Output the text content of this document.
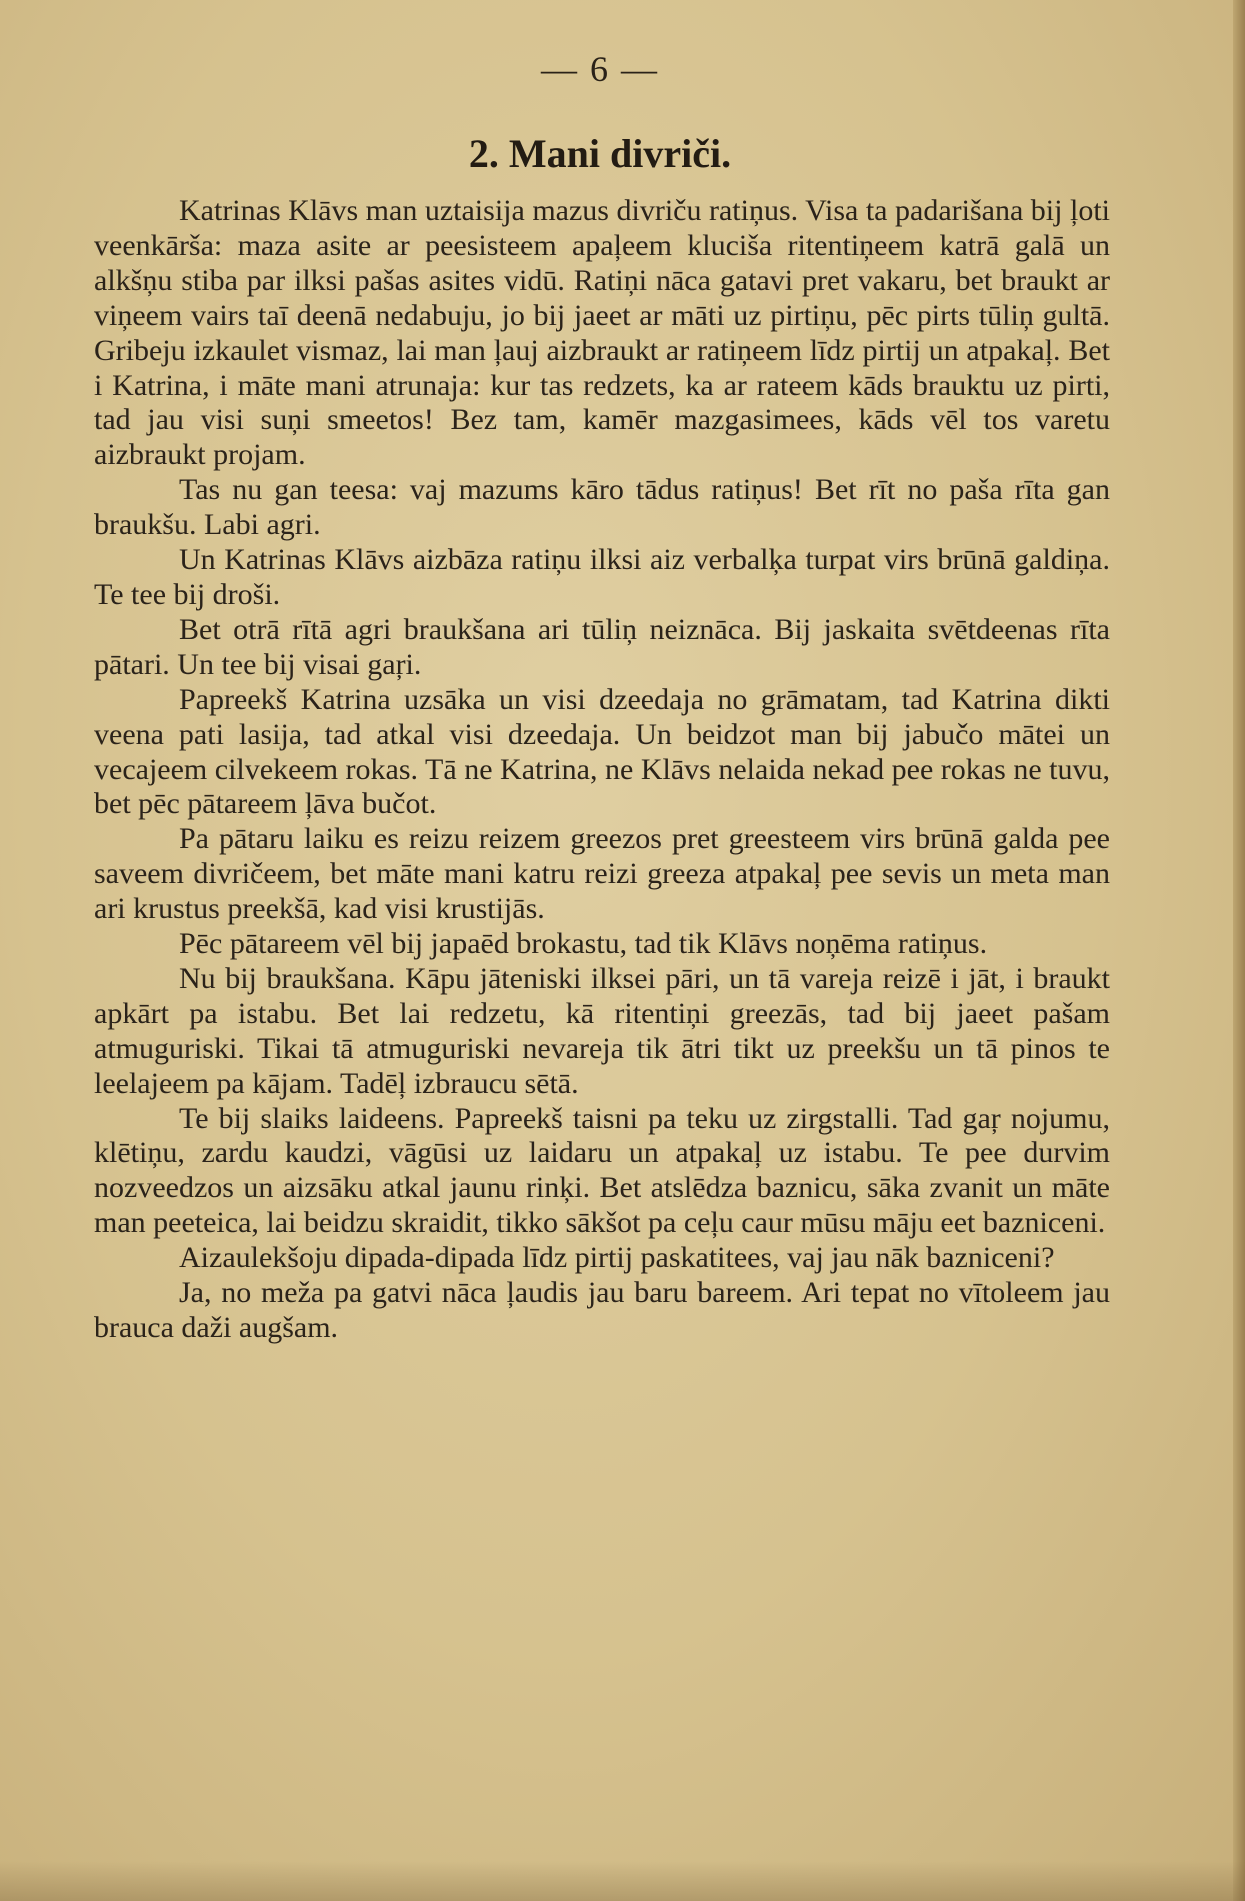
— 6 —
2. Mani divriči.

Katrinas Klāvs man uztaisija mazus divriču ratiņus. Visa ta padarišana bij ļoti veenkārša: maza asite ar peesisteem apaļeem kluciša ritentiņeem katrā galā un alkšņu stiba par ilksi pašas asites vidū. Ratiņi nāca gatavi pret vakaru, bet braukt ar viņeem vairs taī deenā nedabuju, jo bij jaeet ar māti uz pirtiņu, pēc pirts tūliņ gultā. Gribeju izkaulet vismaz, lai man ļauj aizbraukt ar ratiņeem līdz pirtij un atpakaļ. Bet i Katrina, i māte mani atrunaja: kur tas redzets, ka ar rateem kāds brauktu uz pirti, tad jau visi suņi smeetos! Bez tam, kamēr mazgasimees, kāds vēl tos varetu aizbraukt projam.

Tas nu gan teesa: vaj mazums kāro tādus ratiņus! Bet rīt no paša rīta gan braukšu. Labi agri.

Un Katrinas Klāvs aizbāza ratiņu ilksi aiz verbalķa turpat virs brūnā galdiņa. Te tee bij droši.

Bet otrā rītā agri braukšana ari tūliņ neiznāca. Bij jaskaita svētdeenas rīta pātari. Un tee bij visai gaŗi.

Papreekš Katrina uzsāka un visi dzeedaja no grāmatam, tad Katrina dikti veena pati lasija, tad atkal visi dzeedaja. Un beidzot man bij jabučo mātei un vecajeem cilvekeem rokas. Tā ne Katrina, ne Klāvs nelaida nekad pee rokas ne tuvu, bet pēc pātareem ļāva bučot.

Pa pātaru laiku es reizu reizem greezos pret greesteem virs brūnā galda pee saveem divričeem, bet māte mani katru reizi greeza atpakaļ pee sevis un meta man ari krustus preekšā, kad visi krustijās.

Pēc pātareem vēl bij japaēd brokastu, tad tik Klāvs noņēma ratiņus.

Nu bij braukšana. Kāpu jāteniski ilksei pāri, un tā vareja reizē i jāt, i braukt apkārt pa istabu. Bet lai redzetu, kā ritentiņi greezās, tad bij jaeet pašam atmuguriski. Tikai tā atmuguriski nevareja tik ātri tikt uz preekšu un tā pinos te leelajeem pa kājam. Tadēļ izbraucu sētā.

Te bij slaiks laideens. Papreekš taisni pa teku uz zirgstalli. Tad gaŗ nojumu, klētiņu, zardu kaudzi, vāgūsi uz laidaru un atpakaļ uz istabu. Te pee durvim nozveedzos un aizsāku atkal jaunu rinķi. Bet atslēdza baznicu, sāka zvanit un māte man peeteica, lai beidzu skraidit, tikko sākšot pa ceļu caur mūsu māju eet bazniceni.

Aizaulekšoju dipada-dipada līdz pirtij paskatitees, vaj jau nāk bazniceni?

Ja, no meža pa gatvi nāca ļaudis jau baru bareem. Ari tepat no vītoleem jau brauca daži augšam.
